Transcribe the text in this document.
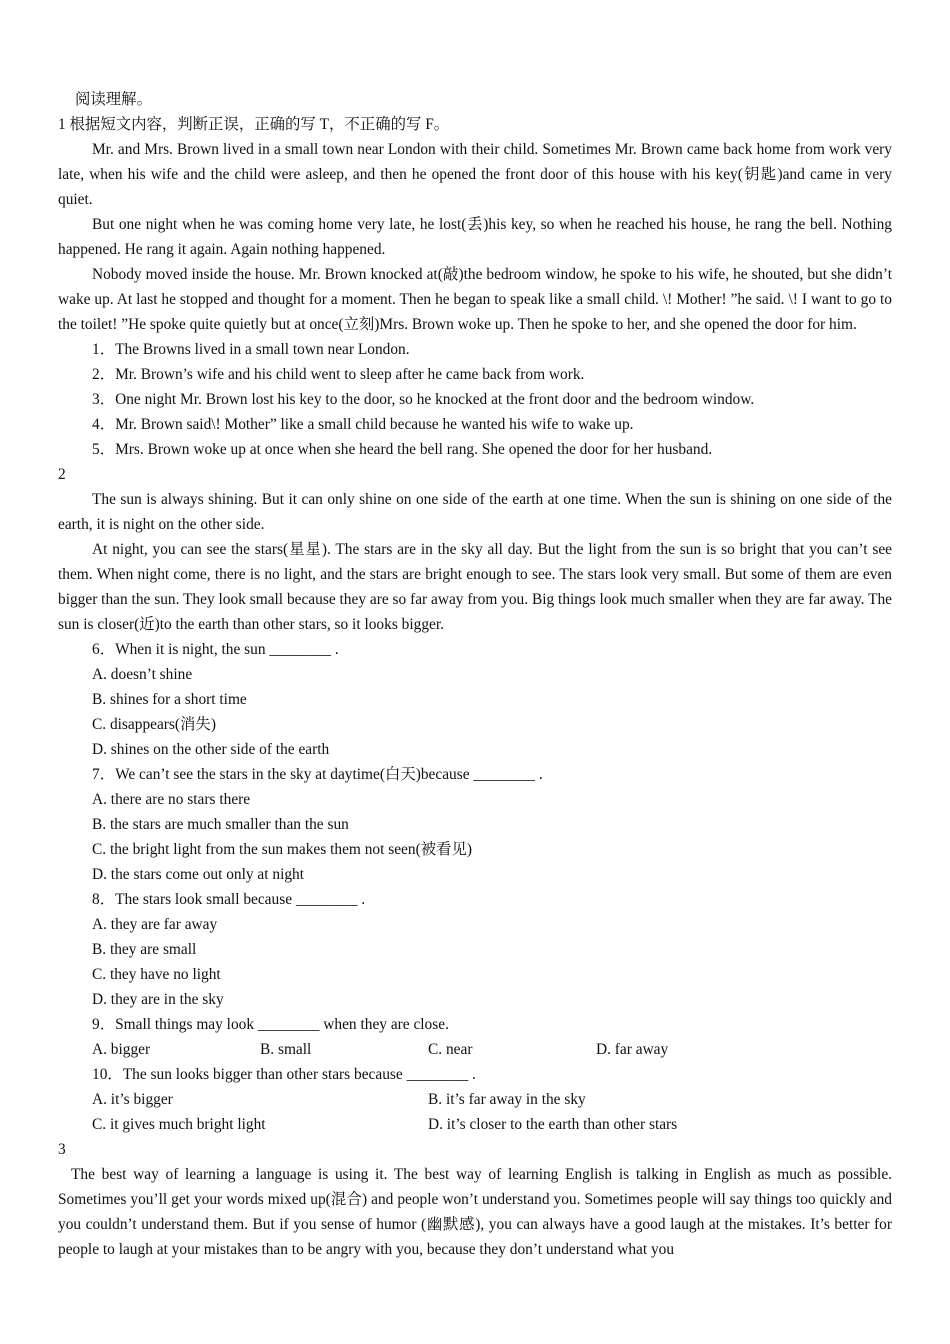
阅读理解。
1 根据短文内容，判断正误，正确的写 T，不正确的写 F。
Mr. and Mrs. Brown lived in a small town near London with their child. Sometimes Mr. Brown came back home from work very late, when his wife and the child were asleep, and then he opened the front door of this house with his key(钥匙)and came in very quiet.
But one night when he was coming home very late, he lost(丢)his key, so when he reached his house, he rang the bell. Nothing happened. He rang it again. Again nothing happened.
Nobody moved inside the house. Mr. Brown knocked at(敲)the bedroom window, he spoke to his wife, he shouted, but she didn’t wake up. At last he stopped and thought for a moment. Then he began to speak like a small child. \! Mother! ”he said. \! I want to go to the toilet! ”He spoke quite quietly but at once(立刻)Mrs. Brown woke up. Then he spoke to her, and she opened the door for him.
1．The Browns lived in a small town near London.
2．Mr. Brown’s wife and his child went to sleep after he came back from work.
3．One night Mr. Brown lost his key to the door, so he knocked at the front door and the bedroom window.
4．Mr. Brown said\! Mother” like a small child because he wanted his wife to wake up.
5．Mrs. Brown woke up at once when she heard the bell rang. She opened the door for her husband.
2
The sun is always shining. But it can only shine on one side of the earth at one time. When the sun is shining on one side of the earth, it is night on the other side.
At night, you can see the stars(星星). The stars are in the sky all day. But the light from the sun is so bright that you can’t see them. When night come, there is no light, and the stars are bright enough to see. The stars look very small. But some of them are even bigger than the sun. They look small because they are so far away from you. Big things look much smaller when they are far away. The sun is closer(近)to the earth than other stars, so it looks bigger.
6．When it is night, the sun ________ .
A. doesn’t shine
B. shines for a short time
C. disappears(消失)
D. shines on the other side of the earth
7．We can’t see the stars in the sky at daytime(白天)because ________ .
A. there are no stars there
B. the stars are much smaller than the sun
C. the bright light from the sun makes them not seen(被看见)
D. the stars come out only at night
8．The stars look small because ________ .
A. they are far away
B. they are small
C. they have no light
D. they are in the sky
9．Small things may look ________ when they are close.
A. bigger	B. small	C. near	D. far away
10．The sun looks bigger than other stars because ________ .
A. it’s bigger	B. it’s far away in the sky
C. it gives much bright light	D. it’s closer to the earth than other stars
3
The best way of learning a language is using it. The best way of learning English is talking in English as much as possible. Sometimes you’ll get your words mixed up(混合) and people won’t understand you. Sometimes people will say things too quickly and you couldn’t understand them. But if you sense of humor (幽默感), you can always have a good laugh at the mistakes. It’s better for people to laugh at your mistakes than to be angry with you, because they don’t understand what you
